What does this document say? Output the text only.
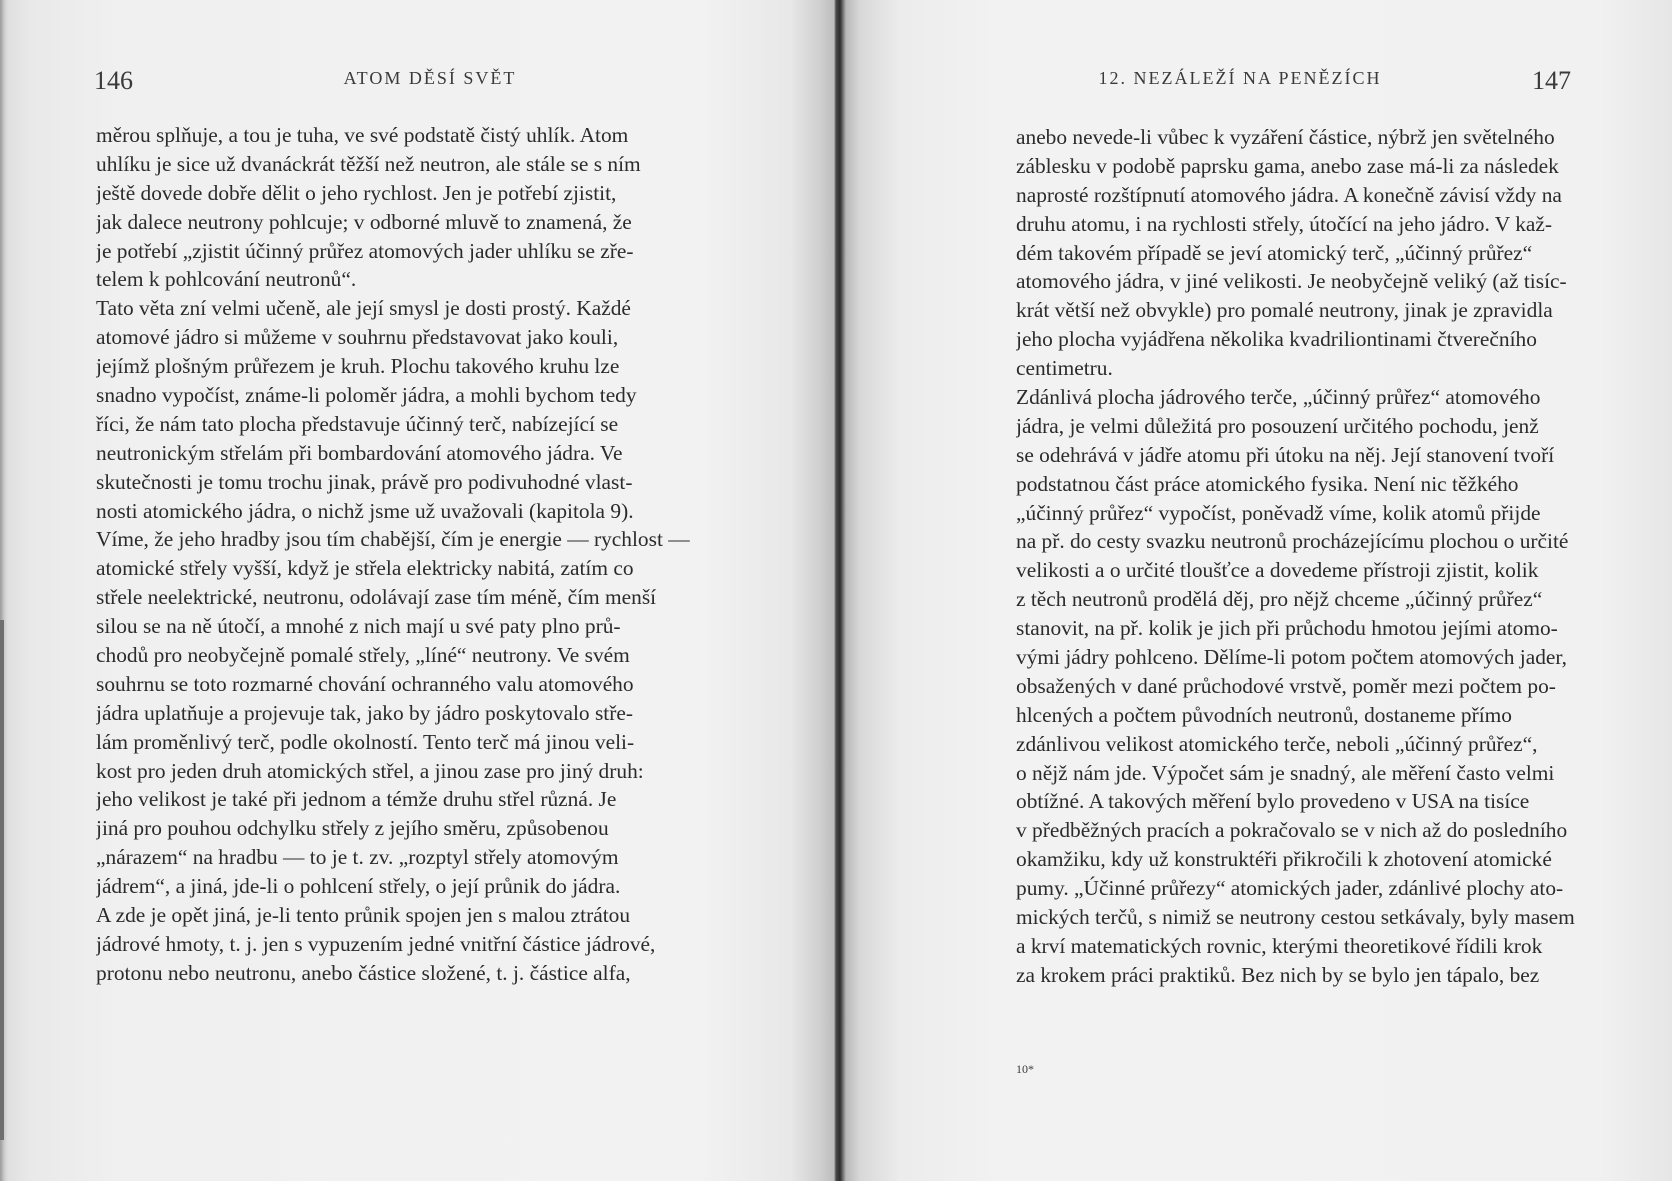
146	ATOM DĚSÍ SVĚT
měrou splňuje, a tou je tuha, ve své podstatě čistý uhlík. Atom
uhlíku je sice už dvanáckrát těžší než neutron, ale stále se s ním
ještě dovede dobře dělit o jeho rychlost. Jen je potřebí zjistit,
jak dalece neutrony pohlcuje; v odborné mluvě to znamená, že
je potřebí „zjistit účinný průřez atomových jader uhlíku se zře-
telem k pohlcování neutronů“.
Tato věta zní velmi učeně, ale její smysl je dosti prostý. Každé
atomové jádro si můžeme v souhrnu představovat jako kouli,
jejímž plošným průřezem je kruh. Plochu takového kruhu lze
snadno vypočíst, známe-li poloměr jádra, a mohli bychom tedy
říci, že nám tato plocha představuje účinný terč, nabízející se
neutronickým střelám při bombardování atomového jádra. Ve
skutečnosti je tomu trochu jinak, právě pro podivuhodné vlast-
nosti atomického jádra, o nichž jsme už uvažovali (kapitola 9).
Víme, že jeho hradby jsou tím chabější, čím je energie — rychlost —
atomické střely vyšší, když je střela elektricky nabitá, zatím co
střele neelektrické, neutronu, odolávají zase tím méně, čím menší
silou se na ně útočí, a mnohé z nich mají u své paty plno prů-
chodů pro neobyčejně pomalé střely, „líné“ neutrony. Ve svém
souhrnu se toto rozmarné chování ochranného valu atomového
jádra uplatňuje a projevuje tak, jako by jádro poskytovalo stře-
lám proměnlivý terč, podle okolností. Tento terč má jinou veli-
kost pro jeden druh atomických střel, a jinou zase pro jiný druh:
jeho velikost je také při jednom a témže druhu střel různá. Je
jiná pro pouhou odchylku střely z jejího směru, způsobenou
„nárazem“ na hradbu — to je t. zv. „rozptyl střely atomovým
jádrem“, a jiná, jde-li o pohlcení střely, o její průnik do jádra.
A zde je opět jiná, je-li tento průnik spojen jen s malou ztrátou
jádrové hmoty, t. j. jen s vypuzením jedné vnitřní částice jádrové,
protonu nebo neutronu, anebo částice složené, t. j. částice alfa,
12. NEZÁLEŽÍ NA PENĚZÍCH	147
anebo nevede-li vůbec k vyzáření částice, nýbrž jen světelného
záblesku v podobě paprsku gama, anebo zase má-li za následek
naprosté rozštípnutí atomového jádra. A konečně závisí vždy na
druhu atomu, i na rychlosti střely, útočící na jeho jádro. V kaž-
dém takovém případě se jeví atomický terč, „účinný průřez“
atomového jádra, v jiné velikosti. Je neobyčejně veliký (až tisíc-
krát větší než obvykle) pro pomalé neutrony, jinak je zpravidla
jeho plocha vyjádřena několika kvadriliontinami čtverečního
centimetru.
Zdánlivá plocha jádrového terče, „účinný průřez“ atomového
jádra, je velmi důležitá pro posouzení určitého pochodu, jenž
se odehrává v jádře atomu při útoku na něj. Její stanovení tvoří
podstatnou část práce atomického fysika. Není nic těžkého
„účinný průřez“ vypočíst, poněvadž víme, kolik atomů přijde
na př. do cesty svazku neutronů procházejícímu plochou o určité
velikosti a o určité tloušťce a dovedeme přístroji zjistit, kolik
z těch neutronů prodělá děj, pro nějž chceme „účinný průřez“
stanovit, na př. kolik je jich při průchodu hmotou jejími atomo-
vými jádry pohlceno. Dělíme-li potom počtem atomových jader,
obsažených v dané průchodové vrstvě, poměr mezi počtem po-
hlcených a počtem původních neutronů, dostaneme přímo
zdánlivou velikost atomického terče, neboli „účinný průřez“,
o nějž nám jde. Výpočet sám je snadný, ale měření často velmi
obtížné. A takových měření bylo provedeno v USA na tisíce
v předběžných pracích a pokračovalo se v nich až do posledního
okamžiku, kdy už konstruktéři přikročili k zhotovení atomické
pumy. „Účinné průřezy“ atomických jader, zdánlivé plochy ato-
mických terčů, s nimiž se neutrony cestou setkávaly, byly masem
a krví matematických rovnic, kterými theoretikové řídili krok
za krokem práci praktiků. Bez nich by se bylo jen tápalo, bez
10*
